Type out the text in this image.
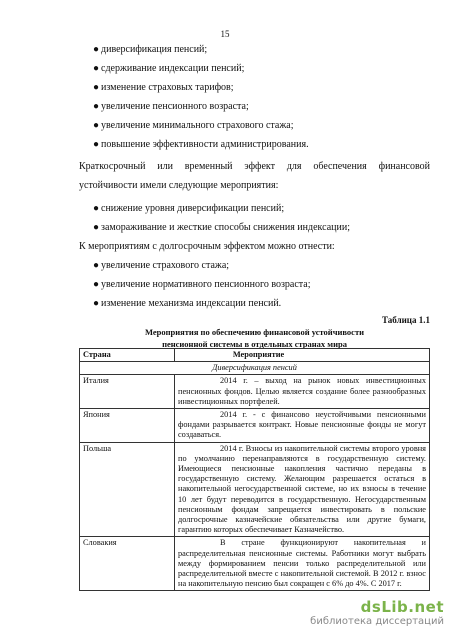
15
● диверсификация пенсий;
● сдерживание индексации пенсий;
● изменение страховых тарифов;
● увеличение пенсионного возраста;
● увеличение минимального страхового стажа;
● повышение эффективности администрирования.
Краткосрочный или временный эффект для обеспечения финансовой устойчивости имели следующие мероприятия:
● снижение уровня диверсификации пенсий;
● замораживание и жесткие способы снижения индексации;
К мероприятиям с долгосрочным эффектом можно отнести:
● увеличение страхового стажа;
● увеличение нормативного пенсионного возраста;
● изменение механизма индексации пенсий.
Таблица 1.1
Мероприятия по обеспечению финансовой устойчивости
пенсионной системы в отдельных странах мира
Страна	Мероприятие
Диверсификация пенсий	
Италия	2014 г. – выход на рынок новых инвестиционных пенсионных фондов. Целью является создание более разнообразных инвестиционных портфелей.
Япония	2014 г. - с финансово неустойчивыми пенсионными фондами разрывается контракт. Новые пенсионные фонды не могут создаваться.
Польша	2014 г. Взносы из накопительной системы второго уровня по умолчанию перенаправляются в государственную систему. Имеющиеся пенсионные накопления частично переданы в государственную систему. Желающим разрешается остаться в накопительной негосударственной системе, но их взносы в течение 10 лет будут переводится в государственную. Негосударственным пенсионным фондам запрещается инвестировать в польские долгосрочные казначейские обязательства или другие бумаги, гарантию которых обеспечивает Казначейство.
Словакия	В стране функционируют накопительная и распределительная пенсионные системы. Работники могут выбрать между формированием пенсии только распределительной или распределительной вместе с накопительной системой. В 2012 г. взнос на накопительную пенсию был сокращен с 6% до 4%. С 2017 г.
dsLib.net
библиотека диссертаций
